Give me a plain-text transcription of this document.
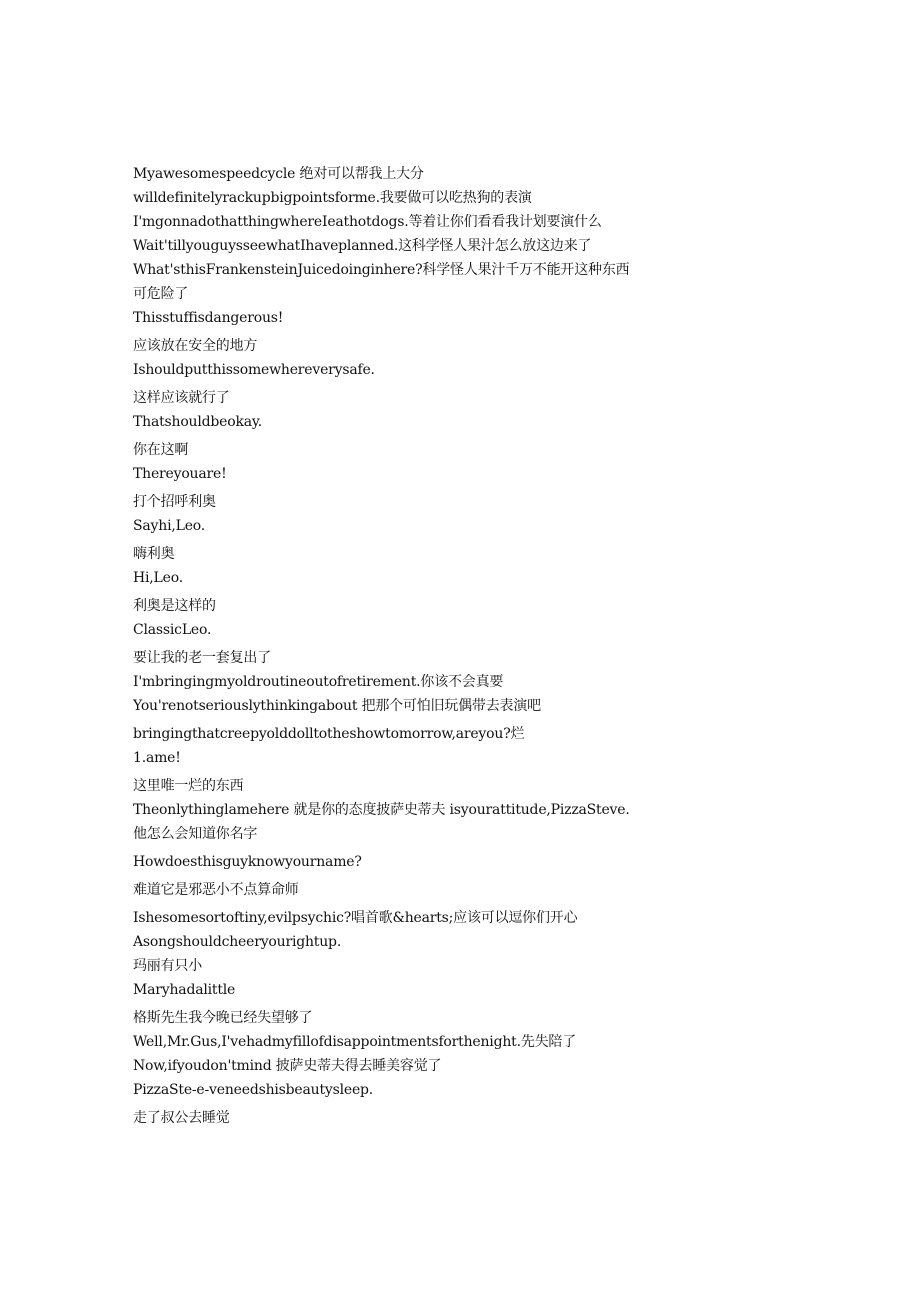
Myawesomespeedcycle 绝对可以帮我上大分
willdefinitelyrackupbigpointsforme.我要做可以吃热狗的表演
I'mgonnadothatthingwhereIeathotdogs.等着让你们看看我计划要演什么
Wait'tillyouguysseewhatIhaveplanned.这科学怪人果汁怎么放这边来了
What'sthisFrankensteinJuicedoinginhere?科学怪人果汁千万不能开这种东西
可危险了
Thisstuffisdangerous!
应该放在安全的地方
Ishouldputthissomewhereverysafe.
这样应该就行了
Thatshouldbeokay.
你在这啊
Thereyouare!
打个招呼利奥
Sayhi,Leo.
嗨利奥
Hi,Leo.
利奥是这样的
ClassicLeo.
要让我的老一套复出了
I'mbringingmyoldroutineoutofretirement.你该不会真要
You'renotseriouslythinkingabout 把那个可怕旧玩偶带去表演吧
bringingthatcreepyolddolltotheshowtomorrow,areyou?烂
1.ame!
这里唯一烂的东西
Theonlythinglamehere 就是你的态度披萨史蒂夫 isyourattitude,PizzaSteve.
他怎么会知道你名字
Howdoesthisguyknowyourname?
难道它是邪恶小不点算命师
Ishesomesortoftiny,evilpsychic?唱首歌&hearts;应该可以逗你们开心
Asongshouldcheeryourightup.
玛丽有只小
Maryhadalittle
格斯先生我今晚已经失望够了
Well,Mr.Gus,I'vehadmyfillofdisappointmentsforthenight.先失陪了
Now,ifyoudon'tmind 披萨史蒂夫得去睡美容觉了
PizzaSte-e-veneedshisbeautysleep.
走了叔公去睡觉
